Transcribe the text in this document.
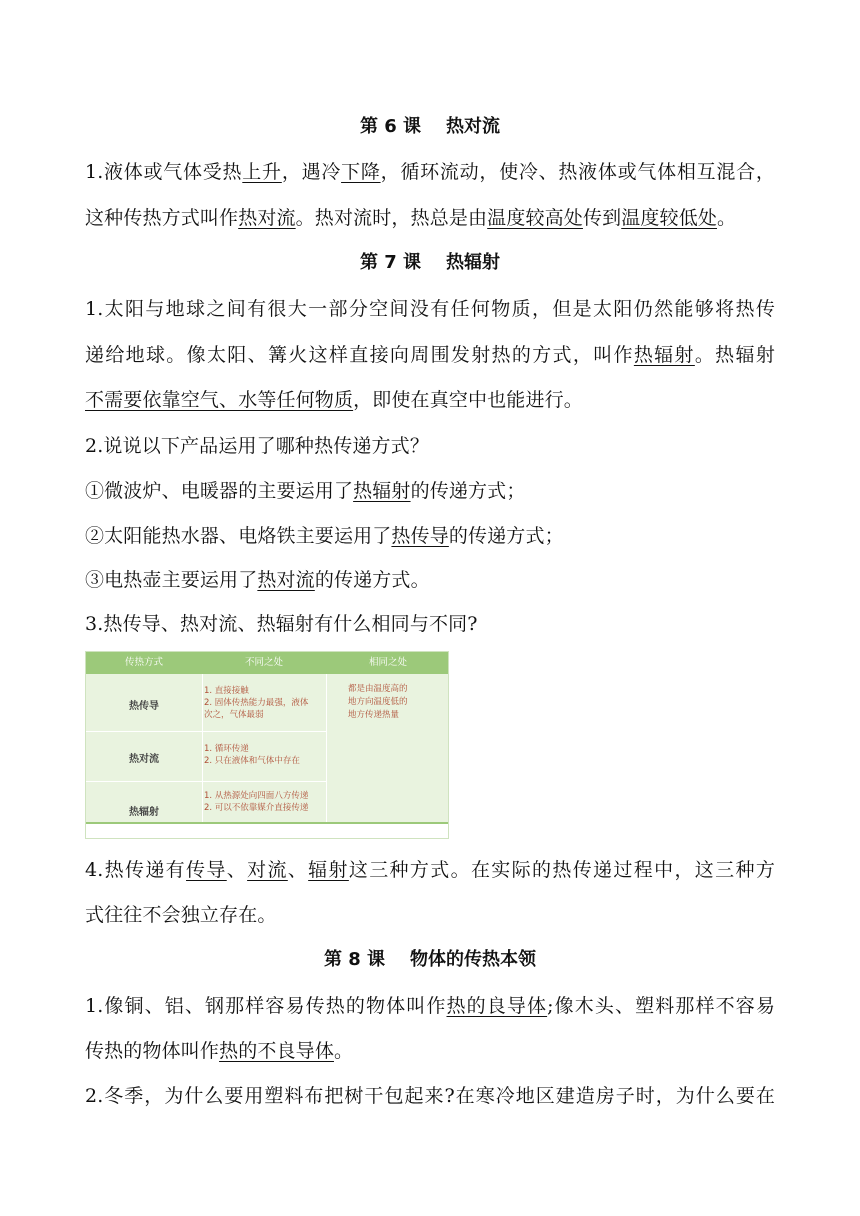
第 6 课    热对流
1.液体或气体受热上升，遇冷下降，循环流动，使冷、热液体或气体相互混合，
这种传热方式叫作热对流。热对流时，热总是由温度较高处传到温度较低处。
第 7 课    热辐射
1.太阳与地球之间有很大一部分空间没有任何物质，但是太阳仍然能够将热传
递给地球。像太阳、篝火这样直接向周围发射热的方式，叫作热辐射。热辐射
不需要依靠空气、水等任何物质，即使在真空中也能进行。
2.说说以下产品运用了哪种热传递方式？
①微波炉、电暖器的主要运用了热辐射的传递方式；
②太阳能热水器、电烙铁主要运用了热传导的传递方式；
③电热壶主要运用了热对流的传递方式。
3.热传导、热对流、热辐射有什么相同与不同?
传热方式	不同之处	相同之处
热传导
1. 直接接触
2. 固体传热能力最强，液体
次之，气体最弱
热对流
1. 循环传递
2. 只在液体和气体中存在
热辐射
1. 从热源处向四面八方传递
2. 可以不依靠媒介直接传递
都是由温度高的
地方向温度低的
地方传递热量
4.热传递有传导、对流、辐射这三种方式。在实际的热传递过程中，这三种方
式往往不会独立存在。
第 8 课    物体的传热本领
1.像铜、铝、钢那样容易传热的物体叫作热的良导体;像木头、塑料那样不容易
传热的物体叫作热的不良导体。
2.冬季，为什么要用塑料布把树干包起来?在寒冷地区建造房子时，为什么要在
